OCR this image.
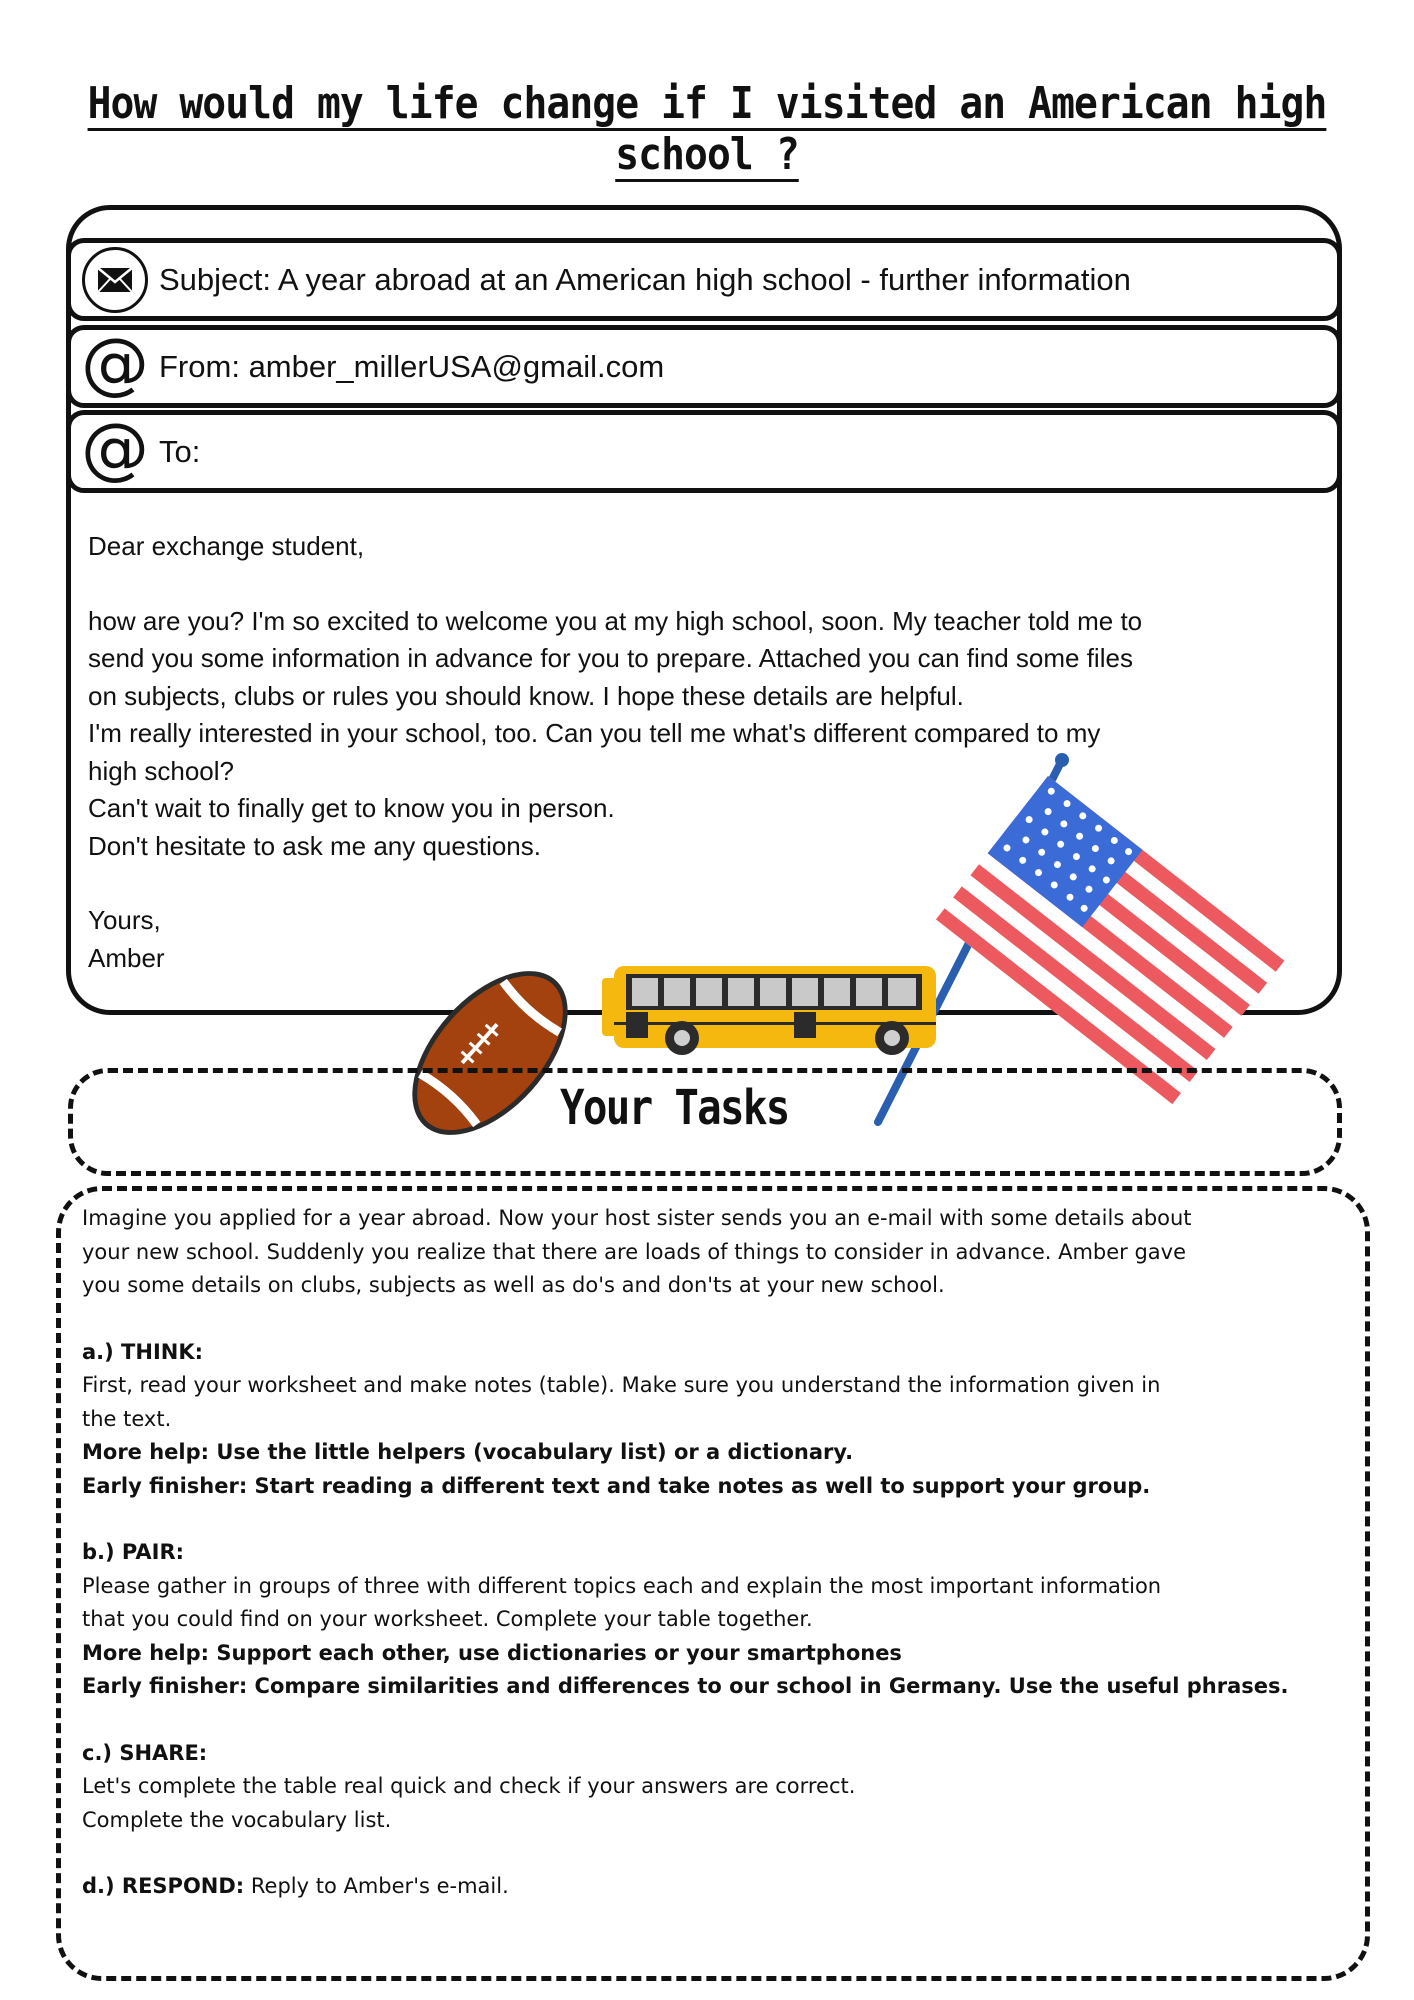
How would my life change if I visited an American high school ?
Subject: A year abroad at an American high school - further information
@ From: amber_millerUSA@gmail.com
@ To:

Dear exchange student,

how are you? I'm so excited to welcome you at my high school, soon. My teacher told me to

send you some information in advance for you to prepare. Attached you can find some files

on subjects, clubs or rules you should know. I hope these details are helpful.

I'm really interested in your school, too. Can you tell me what's different compared to my

high school?

Can't wait to finally get to know you in person.

Don't hesitate to ask me any questions.

Yours,

Amber

Your Tasks

Imagine you applied for a year abroad. Now your host sister sends you an e-mail with some details about

your new school. Suddenly you realize that there are loads of things to consider in advance. Amber gave

you some details on clubs, subjects as well as do's and don'ts at your new school.

a.) THINK:

First, read your worksheet and make notes (table). Make sure you understand the information given in

the text.

More help: Use the little helpers (vocabulary list) or a dictionary.

Early finisher: Start reading a different text and take notes as well to support your group.

b.) PAIR:

Please gather in groups of three with different topics each and explain the most important information

that you could find on your worksheet. Complete your table together.

More help: Support each other, use dictionaries or your smartphones

Early finisher: Compare similarities and differences to our school in Germany. Use the useful phrases.

c.) SHARE:

Let's complete the table real quick and check if your answers are correct.

Complete the vocabulary list.

d.) RESPOND: Reply to Amber's e-mail.
